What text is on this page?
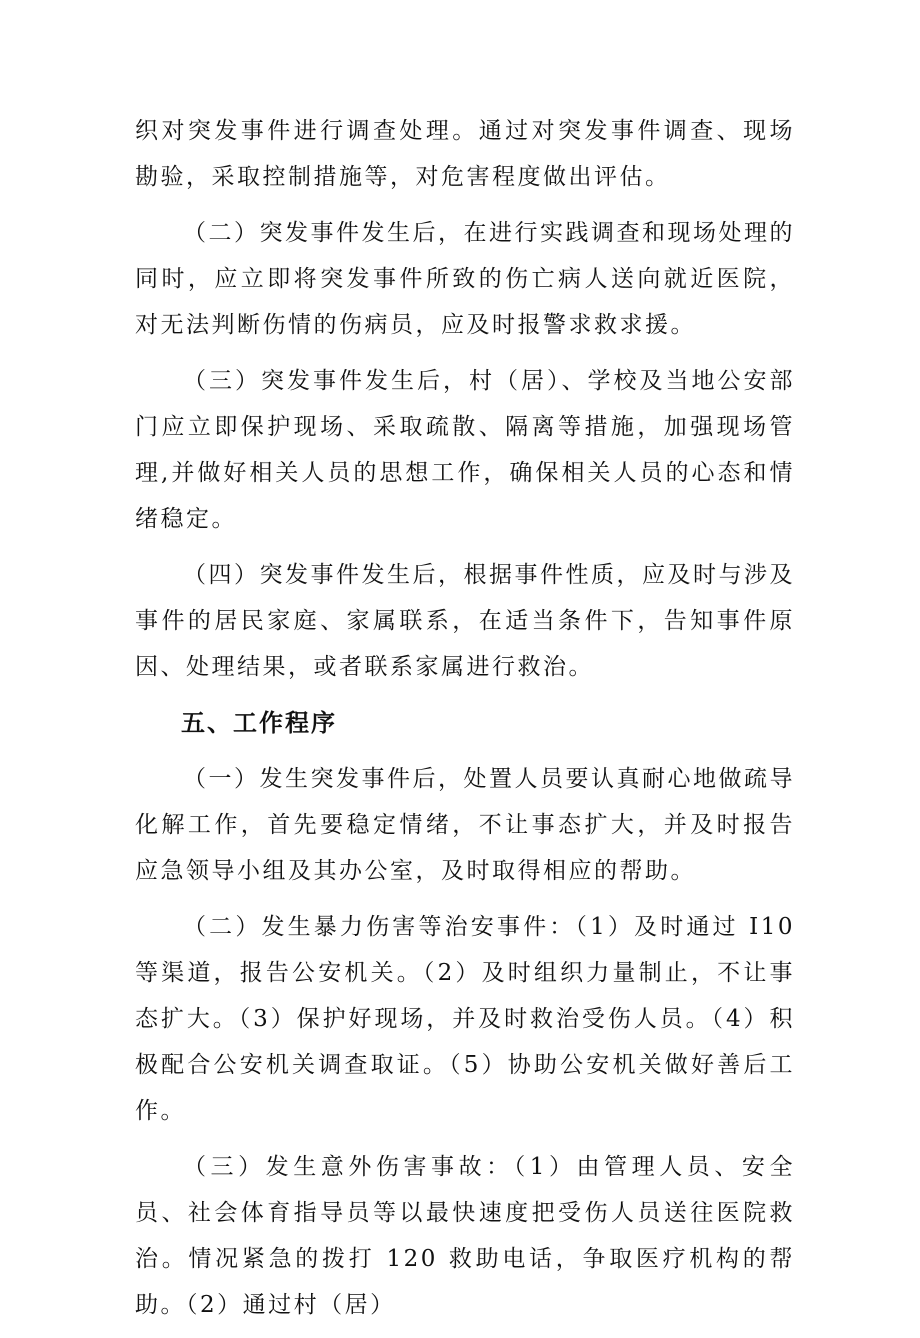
织对突发事件进行调查处理。通过对突发事件调查、现场勘验，采取控制措施等，对危害程度做出评估。

（二）突发事件发生后，在进行实践调查和现场处理的同时，应立即将突发事件所致的伤亡病人送向就近医院，对无法判断伤情的伤病员，应及时报警求救求援。

（三）突发事件发生后，村（居）、学校及当地公安部门应立即保护现场、采取疏散、隔离等措施，加强现场管理,并做好相关人员的思想工作，确保相关人员的心态和情绪稳定。

（四）突发事件发生后，根据事件性质，应及时与涉及事件的居民家庭、家属联系，在适当条件下，告知事件原因、处理结果，或者联系家属进行救治。

五、工作程序

（一）发生突发事件后，处置人员要认真耐心地做疏导化解工作，首先要稳定情绪，不让事态扩大，并及时报告应急领导小组及其办公室，及时取得相应的帮助。

（二）发生暴力伤害等治安事件：（1）及时通过 I10 等渠道，报告公安机关。（2）及时组织力量制止，不让事态扩大。（3）保护好现场，并及时救治受伤人员。（4）积极配合公安机关调查取证。（5）协助公安机关做好善后工作。

（三）发生意外伤害事故：（1）由管理人员、安全员、社会体育指导员等以最快速度把受伤人员送往医院救治。情况紧急的拨打 120 救助电话，争取医疗机构的帮助。（2）通过村（居）
